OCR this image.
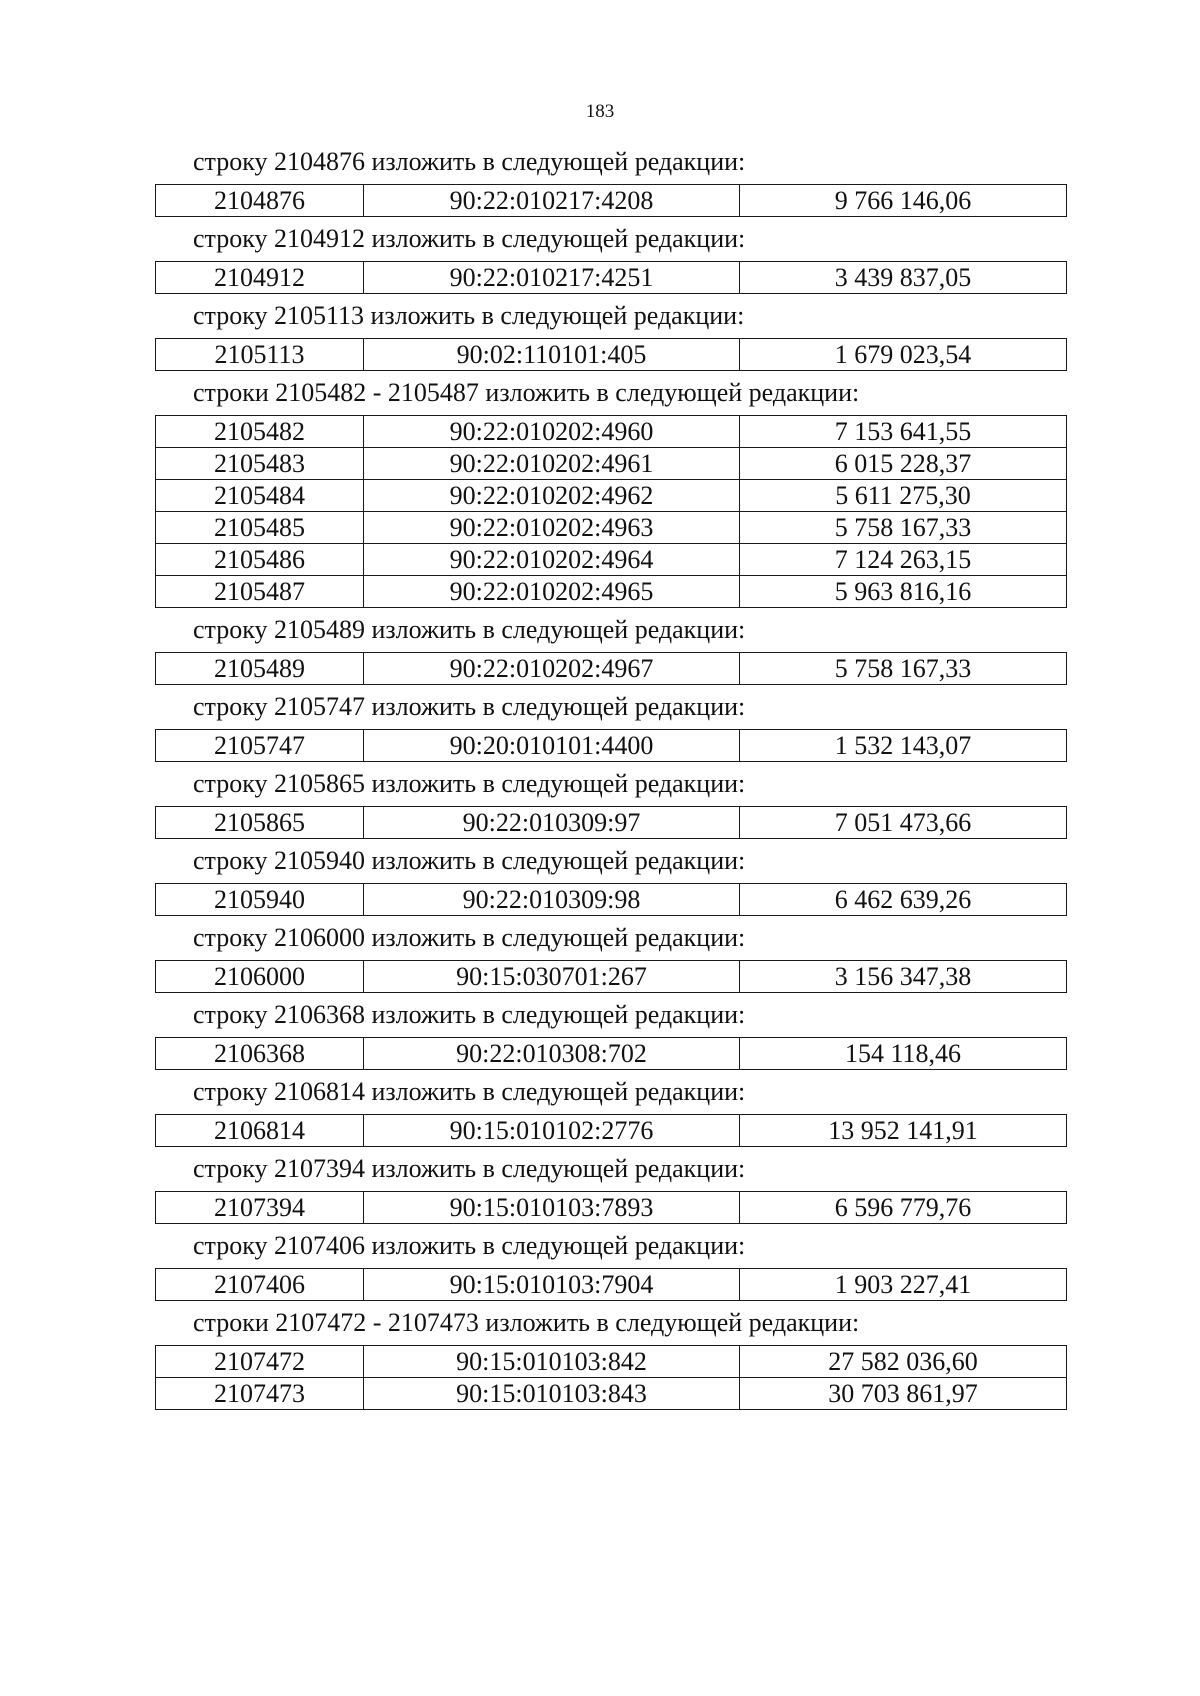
183
строку 2104876 изложить в следующей редакции:
2104876	90:22:010217:4208	9 766 146,06
строку 2104912 изложить в следующей редакции:
2104912	90:22:010217:4251	3 439 837,05
строку 2105113 изложить в следующей редакции:
2105113	90:02:110101:405	1 679 023,54
строки 2105482 - 2105487 изложить в следующей редакции:
2105482	90:22:010202:4960	7 153 641,55
2105483	90:22:010202:4961	6 015 228,37
2105484	90:22:010202:4962	5 611 275,30
2105485	90:22:010202:4963	5 758 167,33
2105486	90:22:010202:4964	7 124 263,15
2105487	90:22:010202:4965	5 963 816,16
строку 2105489 изложить в следующей редакции:
2105489	90:22:010202:4967	5 758 167,33
строку 2105747 изложить в следующей редакции:
2105747	90:20:010101:4400	1 532 143,07
строку 2105865 изложить в следующей редакции:
2105865	90:22:010309:97	7 051 473,66
строку 2105940 изложить в следующей редакции:
2105940	90:22:010309:98	6 462 639,26
строку 2106000 изложить в следующей редакции:
2106000	90:15:030701:267	3 156 347,38
строку 2106368 изложить в следующей редакции:
2106368	90:22:010308:702	154 118,46
строку 2106814 изложить в следующей редакции:
2106814	90:15:010102:2776	13 952 141,91
строку 2107394 изложить в следующей редакции:
2107394	90:15:010103:7893	6 596 779,76
строку 2107406 изложить в следующей редакции:
2107406	90:15:010103:7904	1 903 227,41
строки 2107472 - 2107473 изложить в следующей редакции:
2107472	90:15:010103:842	27 582 036,60
2107473	90:15:010103:843	30 703 861,97
